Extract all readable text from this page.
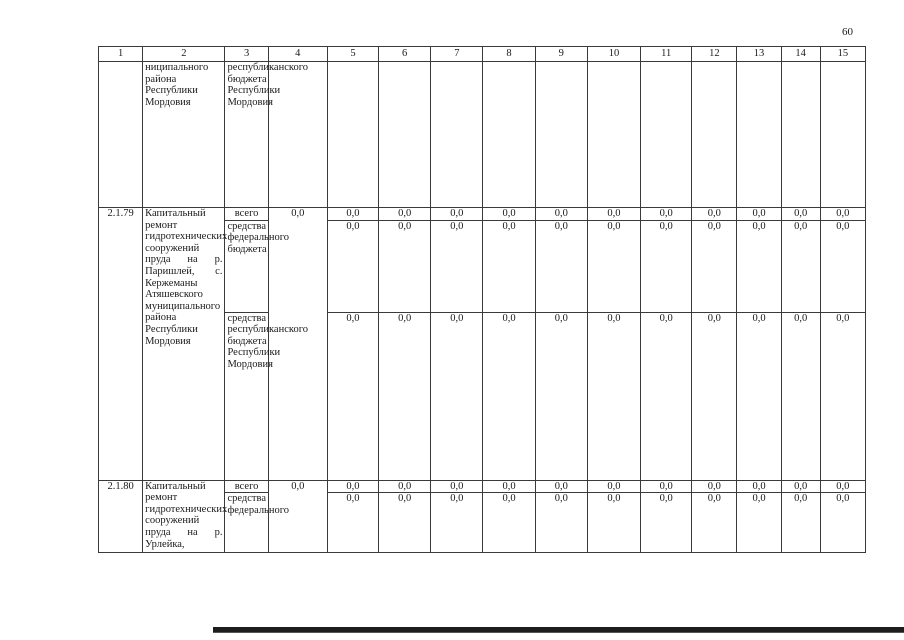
60
1	2	3	4	5	6	7	8	9	10	11	12	13	14	15
	ниципального района Республики Мордовия	республиканского бюджета Республики Мордовия												
2.1.79	Капитальный ремонт гидротехнических сооружений пруда на р. Паришлей, с. Кержеманы Атяшевского муниципального района Республики Мордовия	всего	0,0	0,0	0,0	0,0	0,0	0,0	0,0	0,0	0,0	0,0	0,0	0,0
		средства федерального бюджета		0,0	0,0	0,0	0,0	0,0	0,0	0,0	0,0	0,0	0,0	0,0
		средства республиканского бюджета Республики Мордовия		0,0	0,0	0,0	0,0	0,0	0,0	0,0	0,0	0,0	0,0	0,0
2.1.80	Капитальный ремонт гидротехнических сооружений пруда на р. Урлейка,	всего	0,0	0,0	0,0	0,0	0,0	0,0	0,0	0,0	0,0	0,0	0,0	0,0
		средства федерального		0,0	0,0	0,0	0,0	0,0	0,0	0,0	0,0	0,0	0,0	0,0
